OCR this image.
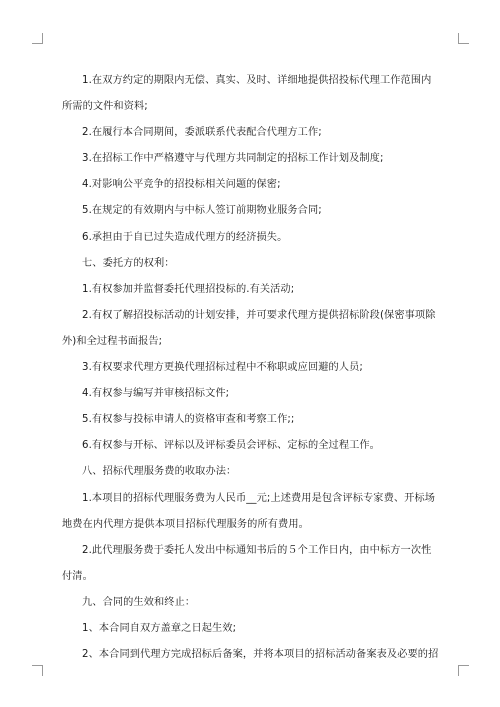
1.在双方约定的期限内无偿、真实、及时、详细地提供招投标代理工作范围内所需的文件和资料;

2.在履行本合同期间，委派联系代表配合代理方工作;

3.在招标工作中严格遵守与代理方共同制定的招标工作计划及制度;

4.对影响公平竞争的招投标相关问题的保密;

5.在规定的有效期内与中标人签订前期物业服务合同;

6.承担由于自已过失造成代理方的经济损失。

七、委托方的权利：

1.有权参加并监督委托代理招投标的.有关活动;

2.有权了解招投标活动的计划安排，并可要求代理方提供招标阶段(保密事项除外)和全过程书面报告;

3.有权要求代理方更换代理招标过程中不称职或应回避的人员;

4.有权参与编写并审核招标文件;

5.有权参与投标申请人的资格审查和考察工作;;

6.有权参与开标、评标以及评标委员会评标、定标的全过程工作。

八、招标代理服务费的收取办法：

1.本项目的招标代理服务费为人民币__元;上述费用是包含评标专家费、开标场地费在内代理方提供本项目招标代理服务的所有费用。

2.此代理服务费于委托人发出中标通知书后的５个工作日内，由中标方一次性付清。

九、合同的生效和终止：

1、本合同自双方盖章之日起生效;

2、本合同到代理方完成招标后备案，并将本项目的招标活动备案表及必要的招
